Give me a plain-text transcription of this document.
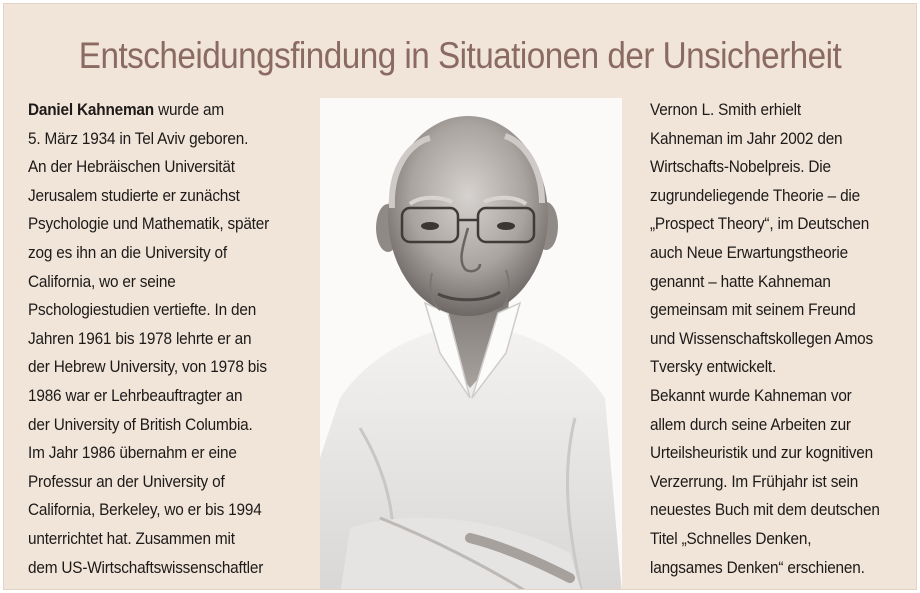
Entscheidungsfindung in Situationen der Unsicherheit
Daniel Kahneman wurde am
5. März 1934 in Tel Aviv geboren.
An der Hebräischen Universität
Jerusalem studierte er zunächst
Psychologie und Mathematik, später
zog es ihn an die University of
California, wo er seine
Pschologiestudien vertiefte. In den
Jahren 1961 bis 1978 lehrte er an
der Hebrew University, von 1978 bis
1986 war er Lehrbeauftragter an
der University of British Columbia.
Im Jahr 1986 übernahm er eine
Professur an der University of
California, Berkeley, wo er bis 1994
unterrichtet hat. Zusammen mit
dem US-Wirtschaftswissenschaftler
Vernon L. Smith erhielt
Kahneman im Jahr 2002 den
Wirtschafts-Nobelpreis. Die
zugrundeliegende Theorie – die
„Prospect Theory“, im Deutschen
auch Neue Erwartungstheorie
genannt – hatte Kahneman
gemeinsam mit seinem Freund
und Wissenschaftskollegen Amos
Tversky entwickelt.
Bekannt wurde Kahneman vor
allem durch seine Arbeiten zur
Urteilsheuristik und zur kognitiven
Verzerrung. Im Frühjahr ist sein
neuestes Buch mit dem deutschen
Titel „Schnelles Denken,
langsames Denken“ erschienen.
